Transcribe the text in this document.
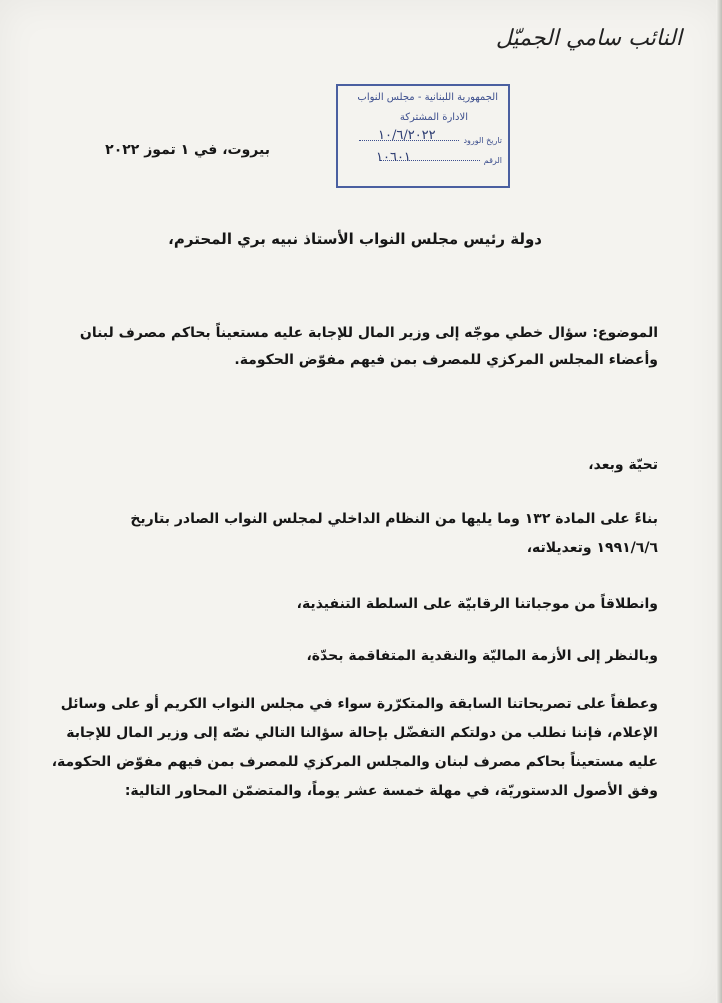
النائب سامي الجميّل
الجمهورية اللبنانية - مجلس النواب
الادارة المشتركة
تاريخ الورود
الرقم
١٠/٦/٢٠٢٢
١٠٦٠١
بيروت، في ١ تموز ٢٠٢٢
دولة رئيس مجلس النواب الأستاذ نبيه بري المحترم،
الموضوع: سؤال خطي موجّه إلى وزير المال للإجابة عليه مستعيناً بحاكم مصرف لبنان
وأعضاء المجلس المركزي للمصرف بمن فيهم مفوّض الحكومة.
تحيّة وبعد،
بناءً على المادة ١٣٢ وما يليها من النظام الداخلي لمجلس النواب الصادر بتاريخ
١٩٩١/٦/٦ وتعديلاته،
وانطلاقاً من موجباتنا الرقابيّة على السلطة التنفيذية،
وبالنظر إلى الأزمة الماليّة والنقدية المتفاقمة بحدّة،
وعطفاً على تصريحاتنا السابقة والمتكرّرة سواء في مجلس النواب الكريم أو على وسائل
الإعلام، فإننا نطلب من دولتكم التفضّل بإحالة سؤالنا التالي نصّه إلى وزير المال للإجابة
عليه مستعيناً بحاكم مصرف لبنان والمجلس المركزي للمصرف بمن فيهم مفوّض الحكومة،
وفق الأصول الدستوريّة، في مهلة خمسة عشر يوماً، والمتضمّن المحاور التالية:
